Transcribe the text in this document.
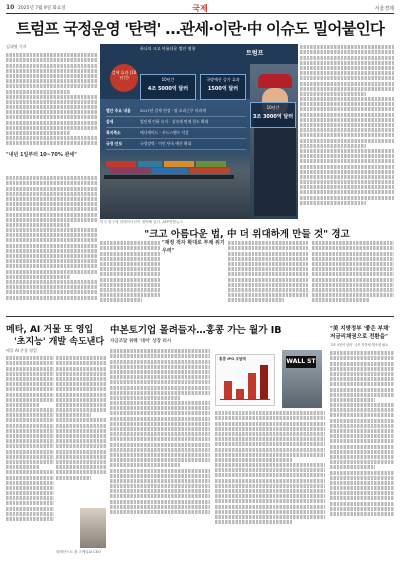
10 2025년 7월 9일 화요일	국제	서울경제
트럼프 국정운영 '탄력' …관세·이란·中 이슈도 밀어붙인다
김태영 기자
"내년 1일부터 10~70% 관세"
감세 효과 (10년간)	10년간
4조 5000억 달러
국방예산 증가 효과
1500억 달러
법안 주요 내용	2017년 감세 연장 · 팁·초과근무 비과세
감세	법인세 인하 유지 · 상속세 면제 한도 확대
복지축소	메디케이드 · 푸드스탬프 삭감
국경·안보	국경장벽 · 이민 단속 예산 확대
트럼프
10년간
3조 3000억 달러
하나의 크고 아름다운 법안 영향
미국 항구에 컨테이너선이 정박해 있다. AFP연합뉴스
"크고 아름다운 법, 中 더 위대하게 만들 것" 경고
"재정 적자 확대로 부채 위기 우려"
메타, AI 거물 또 영입
'초지능' 개발 속도낸다
애플 AI 총괄 영입
알렉산드르 왕 스케일AI CEO
中본토기업 몰려들자…홍콩 가는 월가 IB
자금조달 위해 '대어' 상장 러시
홍콩 IPO 조달액	WALL ST
"美 지방정부 '좋은 부채'
저금리채권으로 전환을"
'2조 4천억 달러' 규모 지방채 재조정 필요
